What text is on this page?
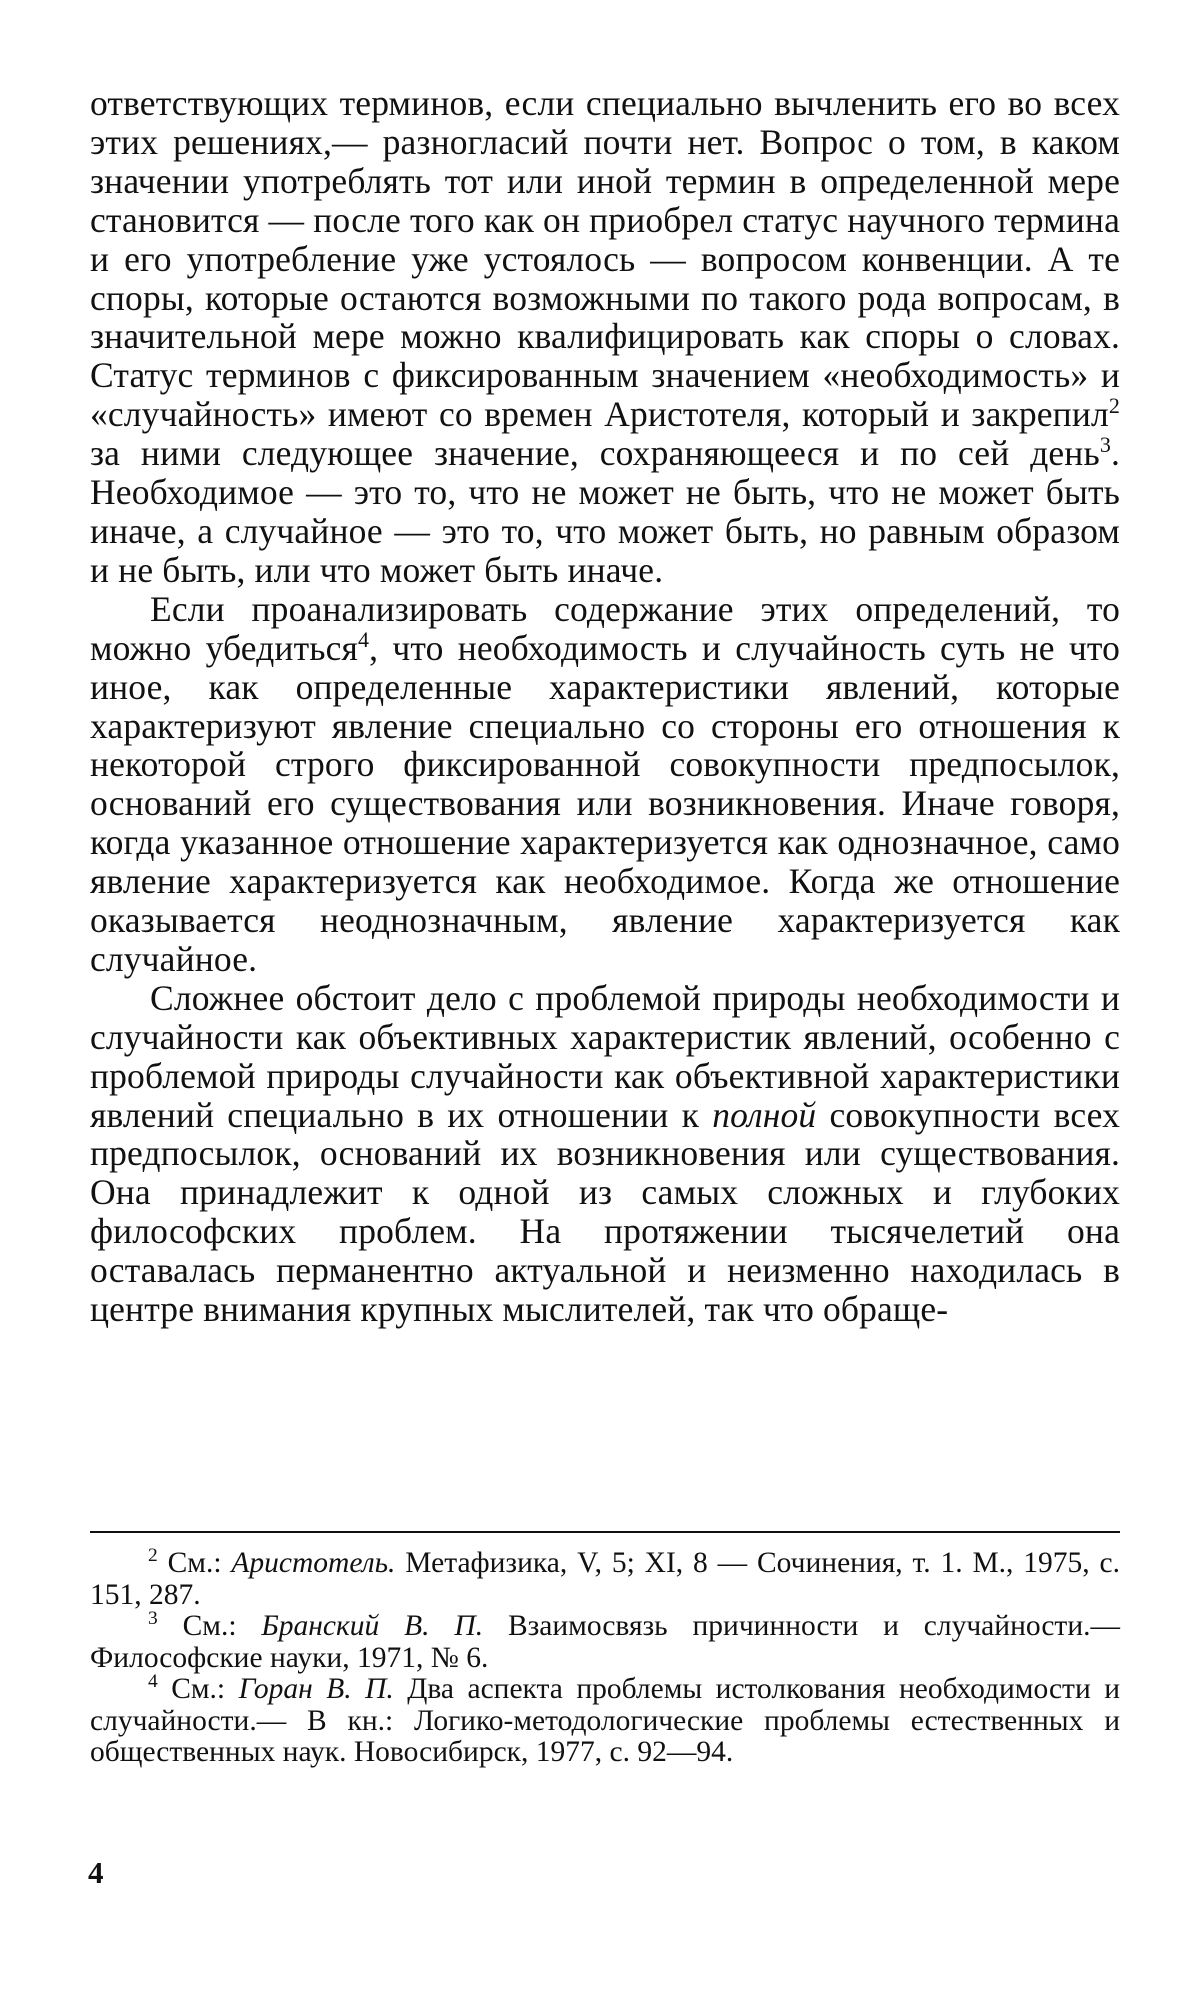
ответствующих терминов, если специально вычленить его во всех этих решениях,— разногласий почти нет. Вопрос о том, в каком значении употреблять тот или иной термин в определенной мере становится — после того как он приобрел статус научного термина и его употребление уже устоялось — вопросом конвенции. А те споры, которые остаются возможными по такого рода вопросам, в значительной мере можно квалифицировать как споры о словах. Статус терминов с фиксированным значением «необходимость» и «случайность» имеют со времен Аристотеля, который и закрепил$^2$ за ними следующее значение, сохраняющееся и по сей день$^3$. Необходимое — это то, что не может не быть, что не может быть иначе, а случайное — это то, что может быть, но равным образом и не быть, или что может быть иначе.

Если проанализировать содержание этих определений, то можно убедиться$^4$, что необходимость и случайность суть не что иное, как определенные характеристики явлений, которые характеризуют явление специально со стороны его отношения к некоторой строго фиксированной совокупности предпосылок, оснований его существования или возникновения. Иначе говоря, когда указанное отношение характеризуется как однозначное, само явление характеризуется как необходимое. Когда же отношение оказывается неоднозначным, явление характеризуется как случайное.

Сложнее обстоит дело с проблемой природы необходимости и случайности как объективных характеристик явлений, особенно с проблемой природы случайности как объективной характеристики явлений специально в их отношении к полной совокупности всех предпосылок, оснований их возникновения или существования. Она принадлежит к одной из самых сложных и глубоких философских проблем. На протяжении тысячелетий она оставалась перманентно актуальной и неизменно находилась в центре внимания крупных мыслителей, так что обраще-

$^2$ См.: Аристотель. Метафизика, V, 5; XI, 8 — Сочинения, т. 1. М., 1975, с. 151, 287.

$^3$ См.: Бранский В. П. Взаимосвязь причинности и случайности.— Философские науки, 1971, № 6.

$^4$ См.: Горан В. П. Два аспекта проблемы истолкования необходимости и случайности.— В кн.: Логико-методологические проблемы естественных и общественных наук. Новосибирск, 1977, с. 92—94.

4
